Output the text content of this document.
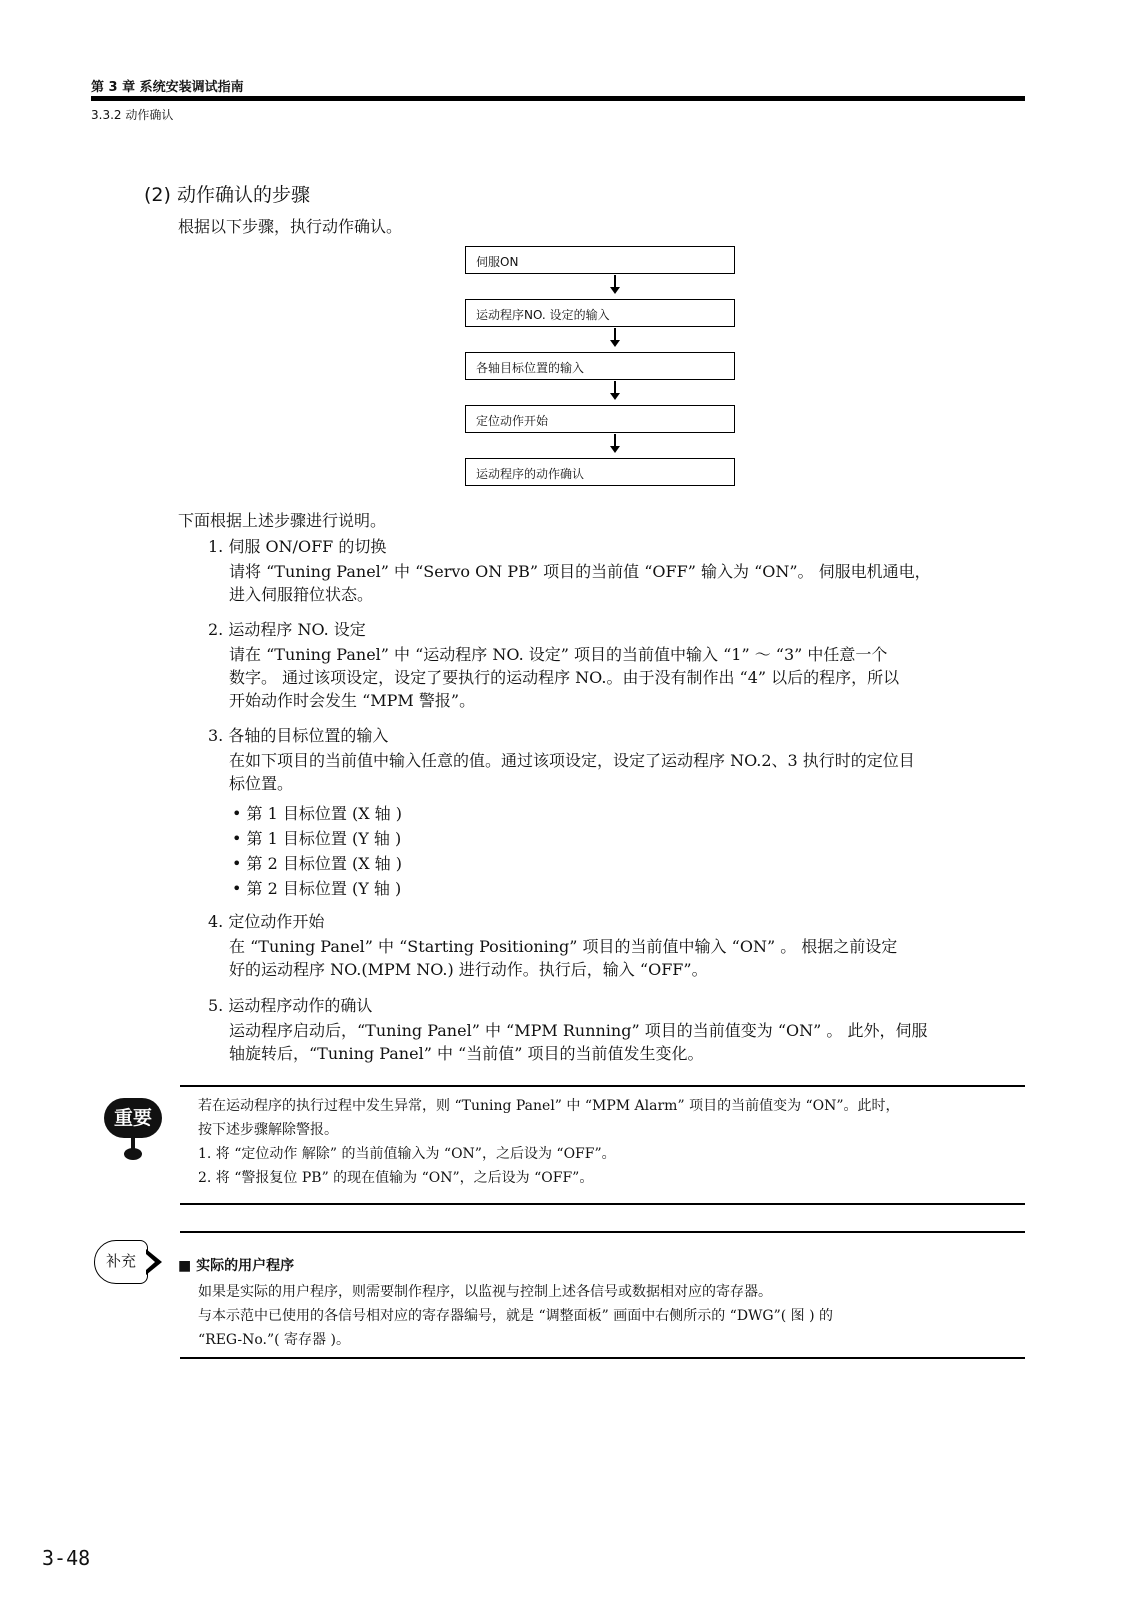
第 3 章 系统安装调试指南
3.3.2 动作确认
(2) 动作确认的步骤
根据以下步骤，执行动作确认。
伺服ON
运动程序NO. 设定的输入
各轴目标位置的输入
定位动作开始
运动程序的动作确认
下面根据上述步骤进行说明。
1. 伺服 ON/OFF 的切换
请将 “Tuning Panel” 中 “Servo ON PB” 项目的当前值 “OFF” 输入为 “ON”。 伺服电机通电，
进入伺服箝位状态。
2. 运动程序 NO. 设定
请在 “Tuning Panel” 中 “运动程序 NO. 设定” 项目的当前值中输入 “1” ～ “3” 中任意一个
数字。 通过该项设定，设定了要执行的运动程序 NO.。由于没有制作出 “4” 以后的程序，所以
开始动作时会发生 “MPM 警报”。
3. 各轴的目标位置的输入
在如下项目的当前值中输入任意的值。通过该项设定，设定了运动程序 NO.2、3 执行时的定位目
标位置。
• 第 1 目标位置 (X 轴 )
• 第 1 目标位置 (Y 轴 )
• 第 2 目标位置 (X 轴 )
• 第 2 目标位置 (Y 轴 )
4. 定位动作开始
在 “Tuning Panel” 中 “Starting Positioning” 项目的当前值中输入 “ON” 。 根据之前设定
好的运动程序 NO.(MPM NO.) 进行动作。执行后，输入 “OFF”。
5. 运动程序动作的确认
运动程序启动后，“Tuning Panel” 中 “MPM Running” 项目的当前值变为 “ON” 。 此外，伺服
轴旋转后，“Tuning Panel” 中 “当前值” 项目的当前值发生变化。
重要
若在运动程序的执行过程中发生异常，则 “Tuning Panel” 中 “MPM Alarm” 项目的当前值变为 “ON”。此时，
按下述步骤解除警报。
1. 将 “定位动作 解除” 的当前值输入为 “ON”，之后设为 “OFF”。
2. 将 “警报复位 PB” 的现在值输为 “ON”，之后设为 “OFF”。
补充	■ 实际的用户程序
如果是实际的用户程序，则需要制作程序，以监视与控制上述各信号或数据相对应的寄存器。
与本示范中已使用的各信号相对应的寄存器编号，就是 “调整面板” 画面中右侧所示的 “DWG”( 图 ) 的
“REG-No.”( 寄存器 )。
3-48
